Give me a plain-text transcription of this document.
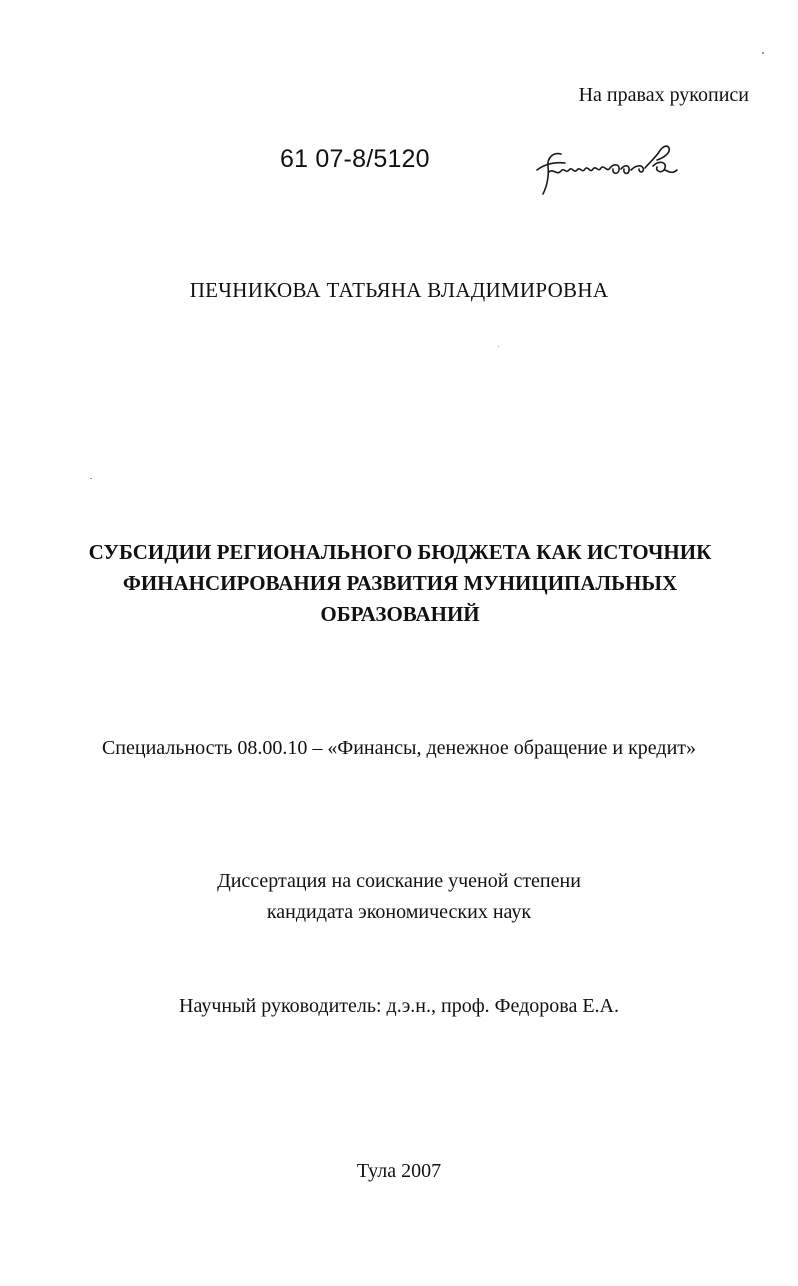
На правах рукописи
61 07-8/5120
ПЕЧНИКОВА ТАТЬЯНА ВЛАДИМИРОВНА
СУБСИДИИ РЕГИОНАЛЬНОГО БЮДЖЕТА КАК ИСТОЧНИК
ФИНАНСИРОВАНИЯ РАЗВИТИЯ МУНИЦИПАЛЬНЫХ
ОБРАЗОВАНИЙ
Специальность 08.00.10 – «Финансы, денежное обращение и кредит»
Диссертация на соискание ученой степени
кандидата экономических наук
Научный руководитель: д.э.н., проф. Федорова Е.А.
Тула 2007
